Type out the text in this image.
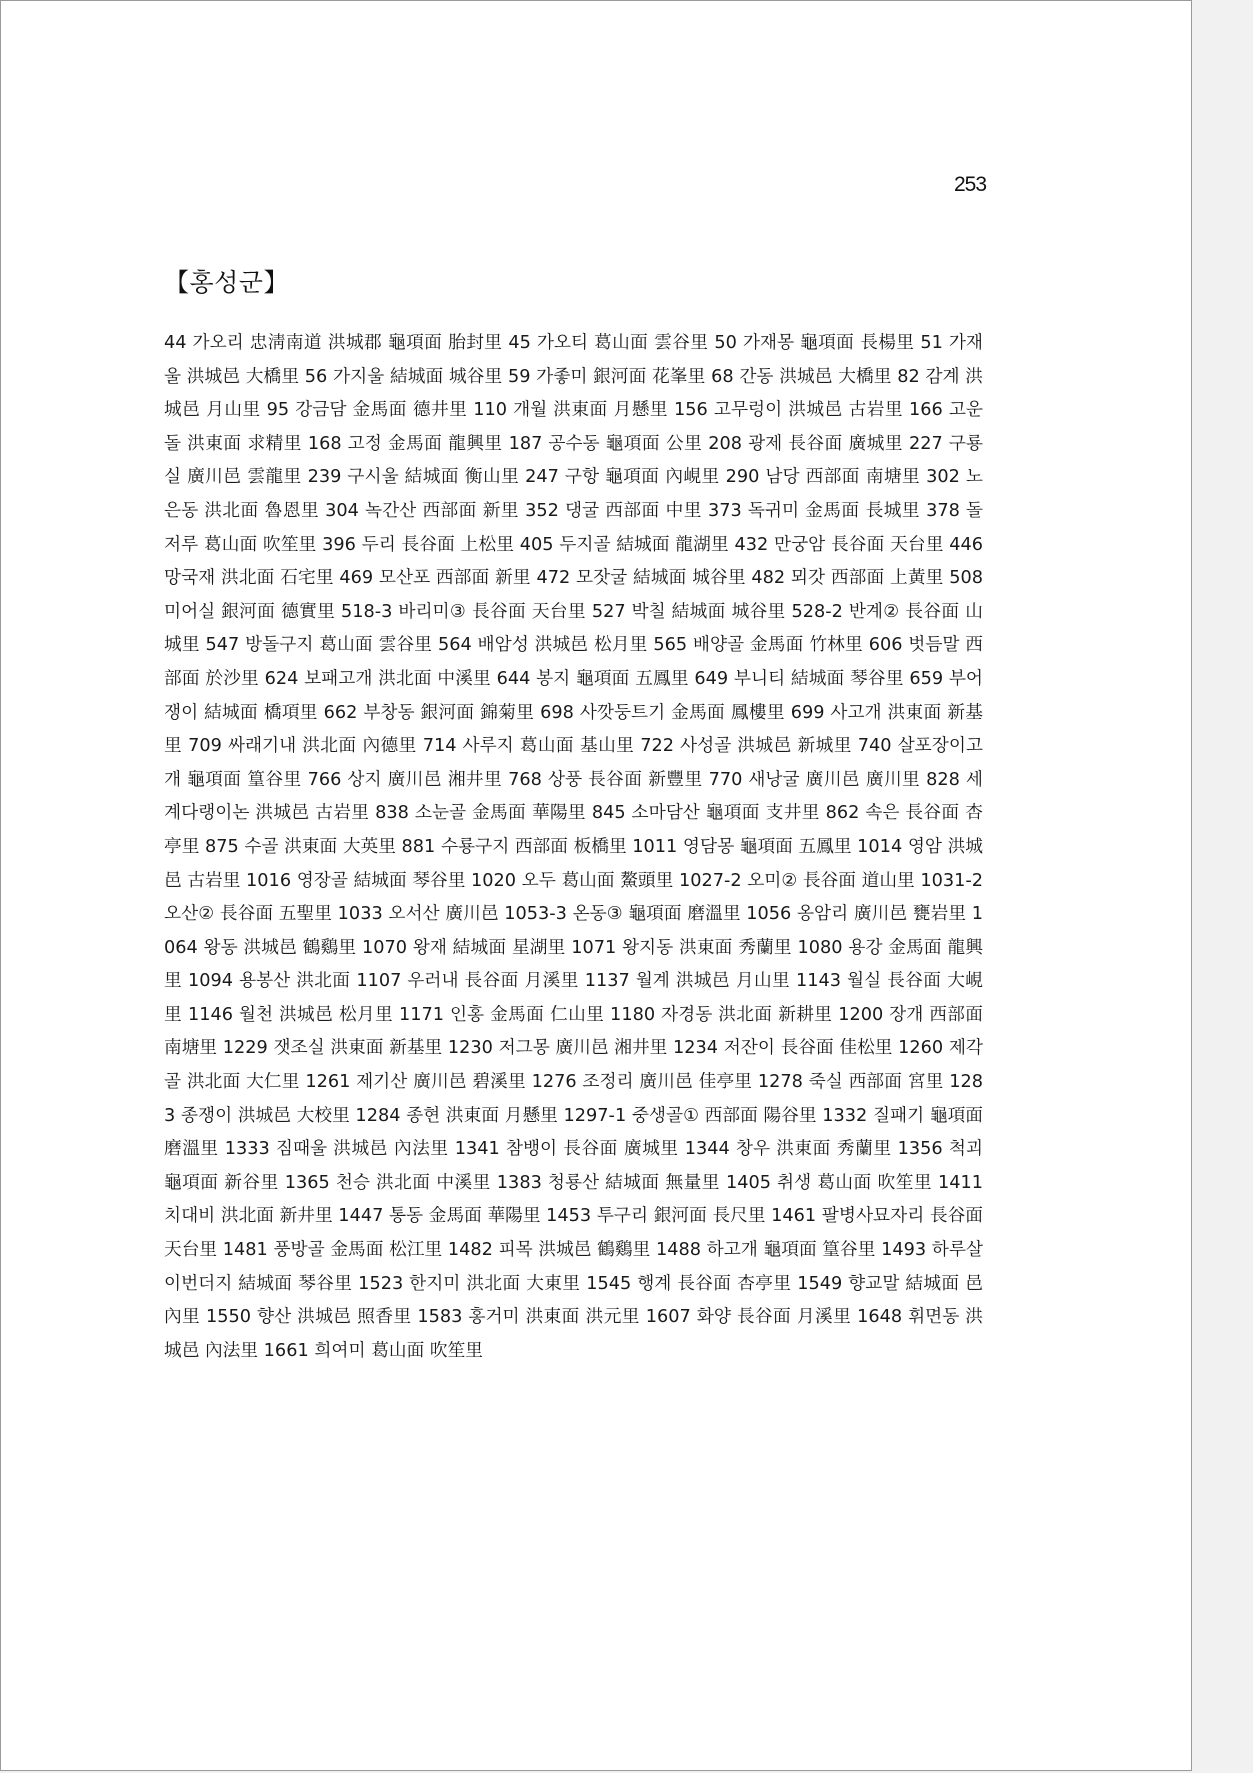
253
【홍성군】
44 가오리 忠淸南道 洪城郡 龜項面 胎封里 45 가오티 葛山面 雲谷里 50 가재몽 龜項面 長楊里 51 가재울 洪城邑 大橋里 56 가지울 結城面 城谷里 59 가좋미 銀河面 花峯里 68 간동 洪城邑 大橋里 82 감계 洪城邑 月山里 95 강금담 金馬面 德井里 110 개월 洪東面 月懸里 156 고무렁이 洪城邑 古岩里 166 고운돌 洪東面 求精里 168 고정 金馬面 龍興里 187 공수동 龜項面 公里 208 광제 長谷面 廣城里 227 구룡실 廣川邑 雲龍里 239 구시울 結城面 衡山里 247 구항 龜項面 內峴里 290 남당 西部面 南塘里 302 노은동 洪北面 魯恩里 304 녹간산 西部面 新里 352 댕굴 西部面 中里 373 독귀미 金馬面 長城里 378 돌저루 葛山面 吹笙里 396 두리 長谷面 上松里 405 두지골 結城面 龍湖里 432 만궁암 長谷面 天台里 446 망국재 洪北面 石宅里 469 모산포 西部面 新里 472 모잣굴 結城面 城谷里 482 뫼갓 西部面 上黃里 508 미어실 銀河面 德實里 518-3 바리미③ 長谷面 天台里 527 박칠 結城面 城谷里 528-2 반계② 長谷面 山城里 547 방돌구지 葛山面 雲谷里 564 배암성 洪城邑 松月里 565 배양골 金馬面 竹林里 606 벗듬말 西部面 於沙里 624 보패고개 洪北面 中溪里 644 봉지 龜項面 五鳳里 649 부니티 結城面 琴谷里 659 부어쟁이 結城面 橋項里 662 부창동 銀河面 錦菊里 698 사깟둥트기 金馬面 鳳樓里 699 사고개 洪東面 新基里 709 싸래기내 洪北面 內德里 714 사루지 葛山面 基山里 722 사성골 洪城邑 新城里 740 살포장이고개 龜項面 篁谷里 766 상지 廣川邑 湘井里 768 상풍 長谷面 新豐里 770 새낭굴 廣川邑 廣川里 828 세계다랭이논 洪城邑 古岩里 838 소눈골 金馬面 華陽里 845 소마담산 龜項面 支井里 862 속은 長谷面 杏亭里 875 수골 洪東面 大英里 881 수룡구지 西部面 板橋里 1011 영담몽 龜項面 五鳳里 1014 영암 洪城邑 古岩里 1016 영장골 結城面 琴谷里 1020 오두 葛山面 鰲頭里 1027-2 오미② 長谷面 道山里 1031-2 오산② 長谷面 五聖里 1033 오서산 廣川邑 1053-3 온동③ 龜項面 磨溫里 1056 옹암리 廣川邑 甕岩里 1064 왕동 洪城邑 鶴鷄里 1070 왕재 結城面 星湖里 1071 왕지동 洪東面 秀蘭里 1080 용강 金馬面 龍興里 1094 용봉산 洪北面 1107 우러내 長谷面 月溪里 1137 월계 洪城邑 月山里 1143 월실 長谷面 大峴里 1146 월천 洪城邑 松月里 1171 인홍 金馬面 仁山里 1180 자경동 洪北面 新耕里 1200 장개 西部面 南塘里 1229 잿조실 洪東面 新基里 1230 저그몽 廣川邑 湘井里 1234 저잔이 長谷面 佳松里 1260 제각골 洪北面 大仁里 1261 제기산 廣川邑 碧溪里 1276 조정리 廣川邑 佳亭里 1278 죽실 西部面 宮里 1283 종쟁이 洪城邑 大校里 1284 종현 洪東面 月懸里 1297-1 중생골① 西部面 陽谷里 1332 질패기 龜項面 磨溫里 1333 짐때울 洪城邑 內法里 1341 참뱅이 長谷面 廣城里 1344 창우 洪東面 秀蘭里 1356 척괴 龜項面 新谷里 1365 천승 洪北面 中溪里 1383 청룡산 結城面 無量里 1405 취생 葛山面 吹笙里 1411 치대비 洪北面 新井里 1447 통동 金馬面 華陽里 1453 투구리 銀河面 長尺里 1461 팔병사묘자리 長谷面 天台里 1481 풍방골 金馬面 松江里 1482 피목 洪城邑 鶴鷄里 1488 하고개 龜項面 篁谷里 1493 하루살이번더지 結城面 琴谷里 1523 한지미 洪北面 大東里 1545 행계 長谷面 杏亭里 1549 향교말 結城面 邑內里 1550 향산 洪城邑 照香里 1583 홍거미 洪東面 洪元里 1607 화양 長谷面 月溪里 1648 휘면동 洪城邑 內法里 1661 희여미 葛山面 吹笙里
